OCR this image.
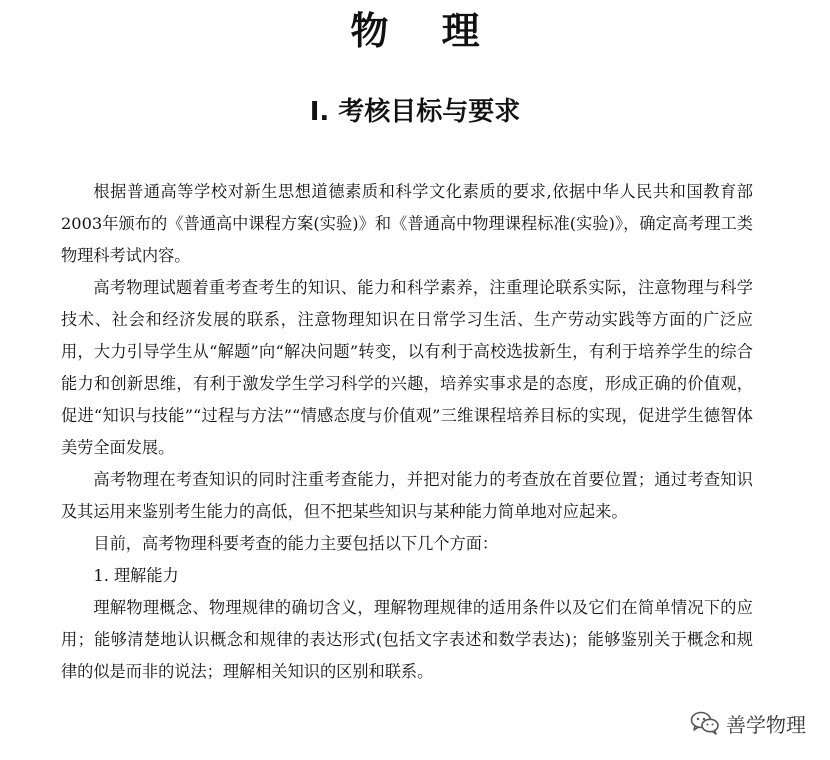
物 理
Ⅰ. 考核目标与要求

根据普通高等学校对新生思想道德素质和科学文化素质的要求,依据中华人民共和国教育部2003年颁布的《普通高中课程方案(实验)》和《普通高中物理课程标准(实验)》，确定高考理工类物理科考试内容。

高考物理试题着重考查考生的知识、能力和科学素养，注重理论联系实际，注意物理与科学技术、社会和经济发展的联系，注意物理知识在日常学习生活、生产劳动实践等方面的广泛应用，大力引导学生从“解题”向“解决问题”转变，以有利于高校选拔新生，有利于培养学生的综合能力和创新思维，有利于激发学生学习科学的兴趣，培养实事求是的态度，形成正确的价值观，促进“知识与技能”“过程与方法”“情感态度与价值观”三维课程培养目标的实现，促进学生德智体美劳全面发展。

高考物理在考查知识的同时注重考查能力，并把对能力的考查放在首要位置；通过考查知识及其运用来鉴别考生能力的高低，但不把某些知识与某种能力简单地对应起来。

目前，高考物理科要考查的能力主要包括以下几个方面：

1. 理解能力

理解物理概念、物理规律的确切含义，理解物理规律的适用条件以及它们在简单情况下的应用；能够清楚地认识概念和规律的表达形式(包括文字表述和数学表达)；能够鉴别关于概念和规律的似是而非的说法；理解相关知识的区别和联系。

善学物理
